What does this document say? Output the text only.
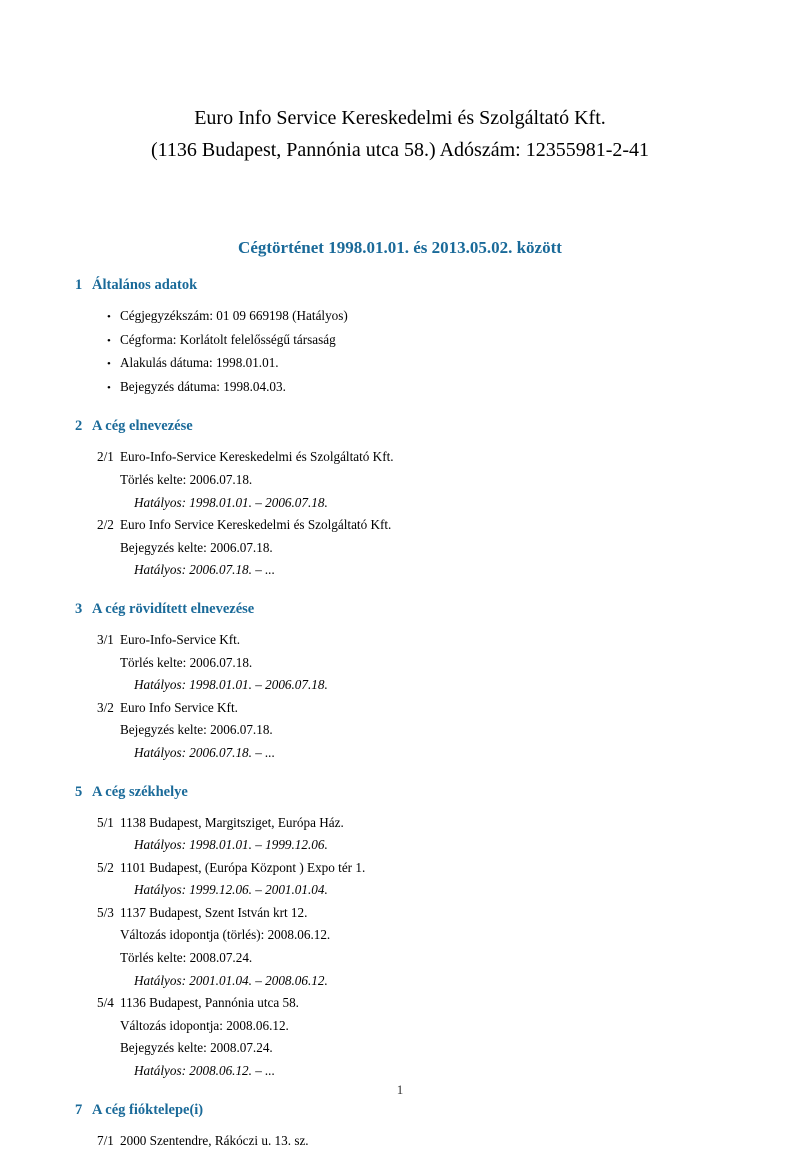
Euro Info Service Kereskedelmi és Szolgáltató Kft.
(1136 Budapest, Pannónia utca 58.) Adószám: 12355981-2-41
Cégtörténet 1998.01.01. és 2013.05.02. között
1 Általános adatok
• Cégjegyzékszám: 01 09 669198 (Hatályos)
• Cégforma: Korlátolt felelősségű társaság
• Alakulás dátuma: 1998.01.01.
• Bejegyzés dátuma: 1998.04.03.
2 A cég elnevezése
2/1 Euro-Info-Service Kereskedelmi és Szolgáltató Kft.
Törlés kelte: 2006.07.18.
Hatályos: 1998.01.01. – 2006.07.18.
2/2 Euro Info Service Kereskedelmi és Szolgáltató Kft.
Bejegyzés kelte: 2006.07.18.
Hatályos: 2006.07.18. – ...
3 A cég rövidített elnevezése
3/1 Euro-Info-Service Kft.
Törlés kelte: 2006.07.18.
Hatályos: 1998.01.01. – 2006.07.18.
3/2 Euro Info Service Kft.
Bejegyzés kelte: 2006.07.18.
Hatályos: 2006.07.18. – ...
5 A cég székhelye
5/1 1138 Budapest, Margitsziget, Európa Ház.
Hatályos: 1998.01.01. – 1999.12.06.
5/2 1101 Budapest, (Európa Központ ) Expo tér 1.
Hatályos: 1999.12.06. – 2001.01.04.
5/3 1137 Budapest, Szent István krt 12.
Változás idopontja (törlés): 2008.06.12.
Törlés kelte: 2008.07.24.
Hatályos: 2001.01.04. – 2008.06.12.
5/4 1136 Budapest, Pannónia utca 58.
Változás idopontja: 2008.06.12.
Bejegyzés kelte: 2008.07.24.
Hatályos: 2008.06.12. – ...
7 A cég fióktelepe(i)
7/1 2000 Szentendre, Rákóczi u. 13. sz.
1
